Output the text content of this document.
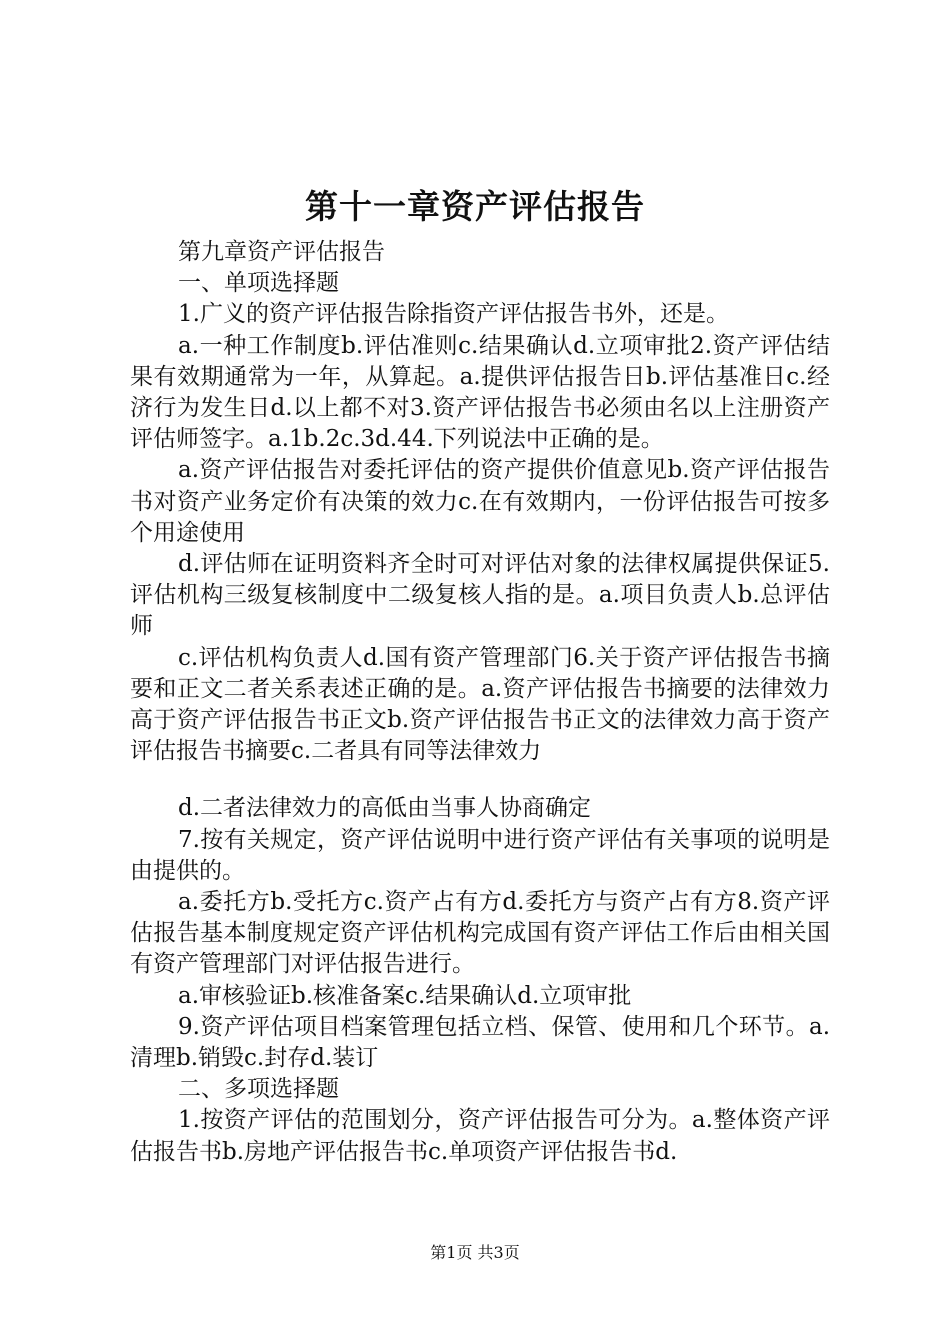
第十一章资产评估报告

第九章资产评估报告

一、单项选择题

1.广义的资产评估报告除指资产评估报告书外，还是。

a.一种工作制度b.评估准则c.结果确认d.立项审批2.资产评估结果有效期通常为一年，从算起。a.提供评估报告日b.评估基准日c.经济行为发生日d.以上都不对3.资产评估报告书必须由名以上注册资产评估师签字。a.1b.2c.3d.44.下列说法中正确的是。

a.资产评估报告对委托评估的资产提供价值意见b.资产评估报告书对资产业务定价有决策的效力c.在有效期内，一份评估报告可按多个用途使用

d.评估师在证明资料齐全时可对评估对象的法律权属提供保证5.评估机构三级复核制度中二级复核人指的是。a.项目负责人b.总评估师

c.评估机构负责人d.国有资产管理部门6.关于资产评估报告书摘要和正文二者关系表述正确的是。a.资产评估报告书摘要的法律效力高于资产评估报告书正文b.资产评估报告书正文的法律效力高于资产评估报告书摘要c.二者具有同等法律效力

d.二者法律效力的高低由当事人协商确定

7.按有关规定，资产评估说明中进行资产评估有关事项的说明是由提供的。

a.委托方b.受托方c.资产占有方d.委托方与资产占有方8.资产评估报告基本制度规定资产评估机构完成国有资产评估工作后由相关国有资产管理部门对评估报告进行。

a.审核验证b.核准备案c.结果确认d.立项审批

9.资产评估项目档案管理包括立档、保管、使用和几个环节。a.清理b.销毁c.封存d.装订

二、多项选择题

1.按资产评估的范围划分，资产评估报告可分为。a.整体资产评估报告书b.房地产评估报告书c.单项资产评估报告书d.

第1页 共3页
